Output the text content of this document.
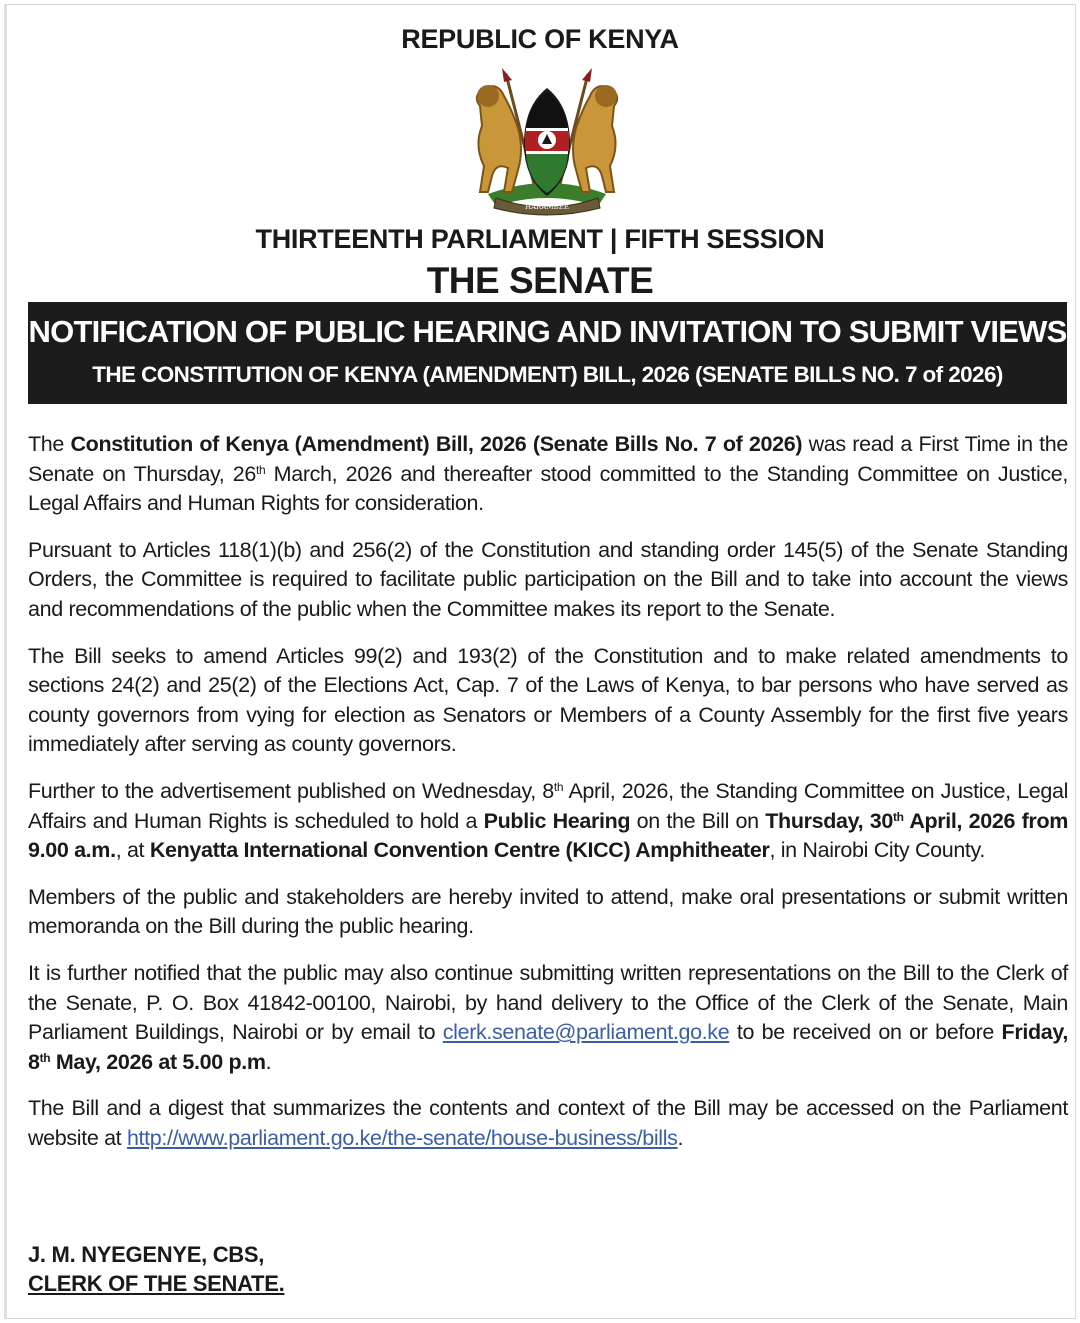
REPUBLIC OF KENYA
HARAMBEE
THIRTEENTH PARLIAMENT | FIFTH SESSION
THE SENATE
NOTIFICATION OF PUBLIC HEARING AND INVITATION TO SUBMIT VIEWS
THE CONSTITUTION OF KENYA (AMENDMENT) BILL, 2026 (SENATE BILLS NO. 7 of 2026)

The Constitution of Kenya (Amendment) Bill, 2026 (Senate Bills No. 7 of 2026) was read a First Time in the Senate on Thursday, 26th March, 2026 and thereafter stood committed to the Standing Committee on Justice, Legal Affairs and Human Rights for consideration.

Pursuant to Articles 118(1)(b) and 256(2) of the Constitution and standing order 145(5) of the Senate Standing Orders, the Committee is required to facilitate public participation on the Bill and to take into account the views and recommendations of the public when the Committee makes its report to the Senate.

The Bill seeks to amend Articles 99(2) and 193(2) of the Constitution and to make related amendments to sections 24(2) and 25(2) of the Elections Act, Cap. 7 of the Laws of Kenya, to bar persons who have served as county governors from vying for election as Senators or Members of a County Assembly for the first five years immediately after serving as county governors.

Further to the advertisement published on Wednesday, 8th April, 2026, the Standing Committee on Justice, Legal Affairs and Human Rights is scheduled to hold a Public Hearing on the Bill on Thursday, 30th April, 2026 from 9.00 a.m., at Kenyatta International Convention Centre (KICC) Amphitheater, in Nairobi City County.

Members of the public and stakeholders are hereby invited to attend, make oral presentations or submit written memoranda on the Bill during the public hearing.

It is further notified that the public may also continue submitting written representations on the Bill to the Clerk of the Senate, P. O. Box 41842-00100, Nairobi, by hand delivery to the Office of the Clerk of the Senate, Main Parliament Buildings, Nairobi or by email to clerk.senate@parliament.go.ke to be received on or before Friday, 8th May, 2026 at 5.00 p.m.

The Bill and a digest that summarizes the contents and context of the Bill may be accessed on the Parliament website at http://www.parliament.go.ke/the-senate/house-business/bills.

J. M. NYEGENYE, CBS,
CLERK OF THE SENATE.
